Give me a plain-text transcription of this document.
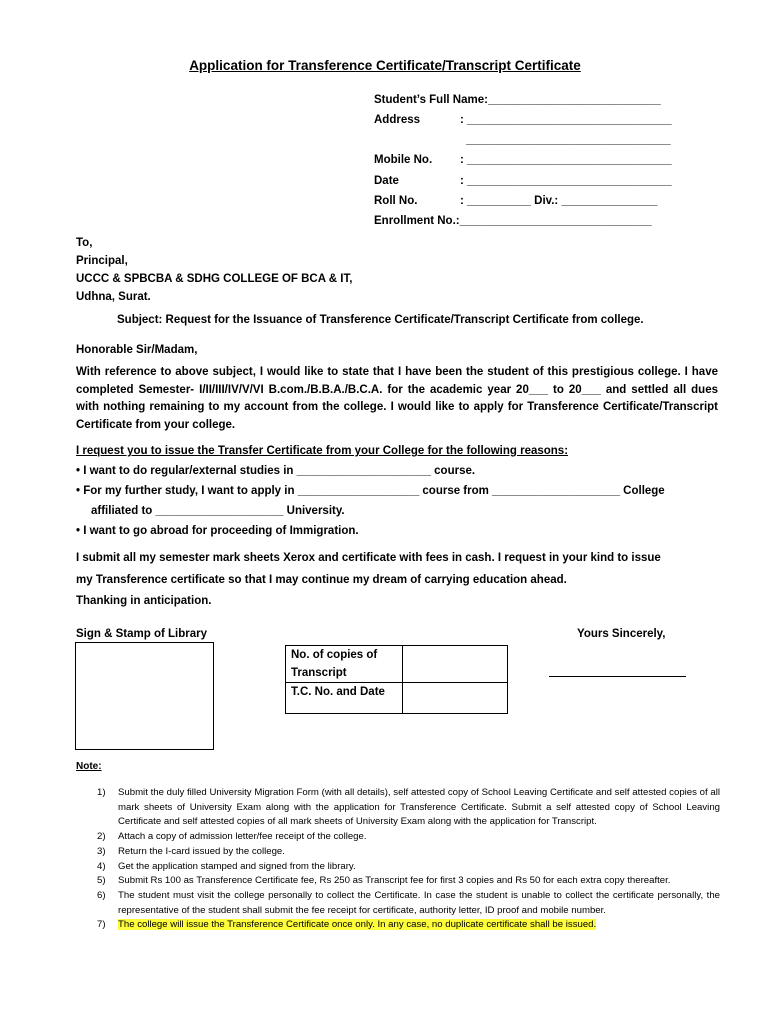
Application for Transference Certificate/Transcript Certificate
Student’s Full Name:___________________________
Address	: ________________________________
________________________________
Mobile No. : ________________________________
Date	: ________________________________
Roll No.	: __________ Div.: _______________
Enrollment No.:______________________________
To,
Principal,
UCCC & SPBCBA & SDHG COLLEGE OF BCA & IT,
Udhna, Surat.
Subject: Request for the Issuance of Transference Certificate/Transcript Certificate from college.
Honorable Sir/Madam,
With reference to above subject, I would like to state that I have been the student of this prestigious college. I have completed Semester- I/II/III/IV/V/VI B.com./B.B.A./B.C.A. for the academic year 20___ to 20___ and settled all dues with nothing remaining to my account from the college. I would like to apply for Transference Certificate/Transcript Certificate from your college.
I request you to issue the Transfer Certificate from your College for the following reasons:
• I want to do regular/external studies in _____________________ course.
• For my further study, I want to apply in ___________________ course from ____________________ College
affiliated to ____________________ University.
• I want to go abroad for proceeding of Immigration.
I submit all my semester mark sheets Xerox and certificate with fees in cash. I request in your kind to issue
my Transference certificate so that I may continue my dream of carrying education ahead.
Thanking in anticipation.
Sign & Stamp of Library	Yours Sincerely,
No. of copies of Transcript	
T.C. No. and Date	
Note:
1) Submit the duly filled University Migration Form (with all details), self attested copy of School Leaving Certificate and self attested copies of all mark sheets of University Exam along with the application for Transference Certificate. Submit a self attested copy of School Leaving Certificate and self attested copies of all mark sheets of University Exam along with the application for Transcript.
2) Attach a copy of admission letter/fee receipt of the college.
3) Return the I-card issued by the college.
4) Get the application stamped and signed from the library.
5) Submit Rs 100 as Transference Certificate fee, Rs 250 as Transcript fee for first 3 copies and Rs 50 for each extra copy thereafter.
6) The student must visit the college personally to collect the Certificate. In case the student is unable to collect the certificate personally, the representative of the student shall submit the fee receipt for certificate, authority letter, ID proof and mobile number.
7) The college will issue the Transference Certificate once only. In any case, no duplicate certificate shall be issued.
